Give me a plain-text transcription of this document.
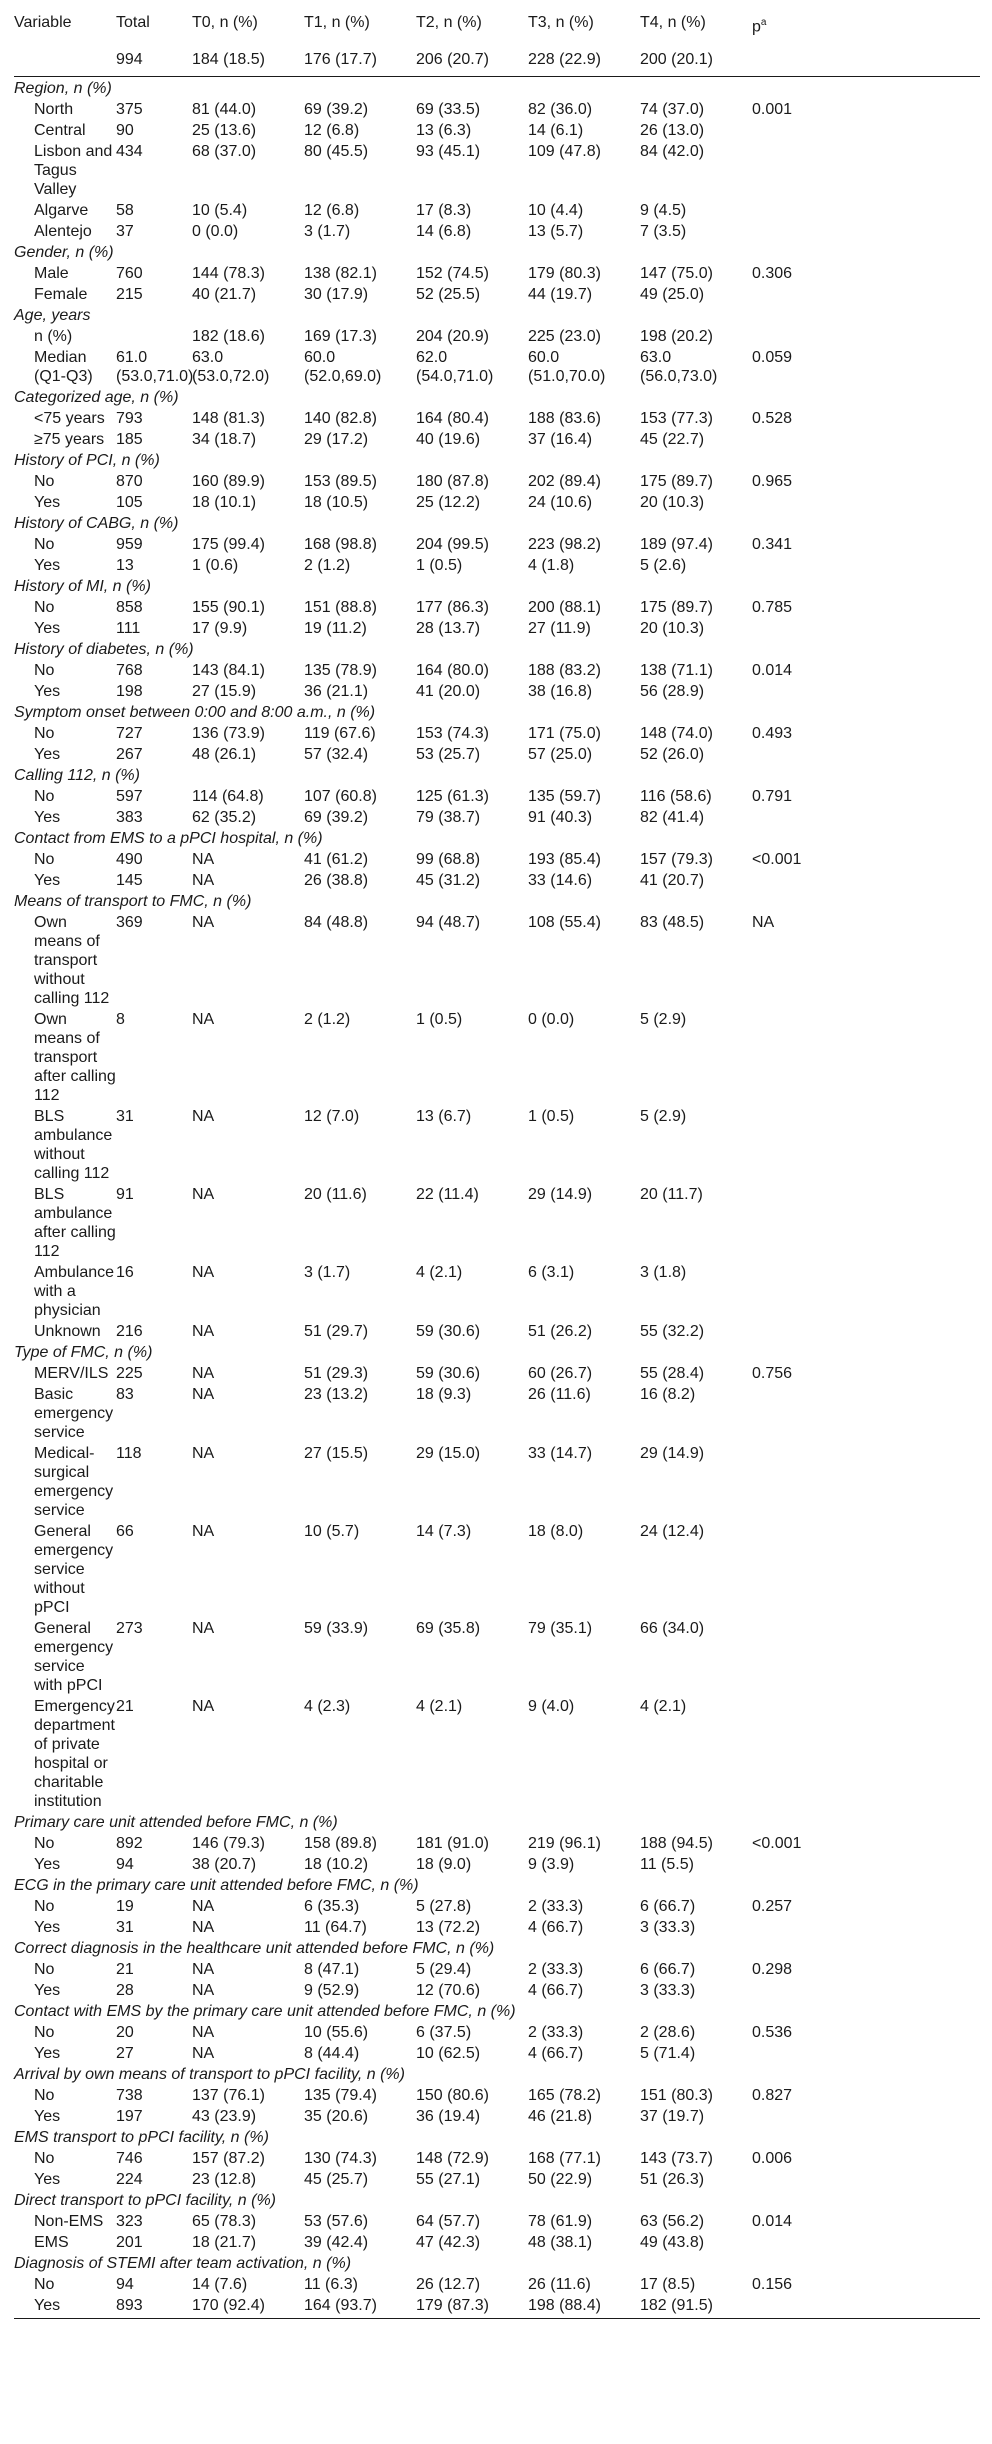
Variable	Total	T0, n (%)	T1, n (%)	T2, n (%)	T3, n (%)	T4, n (%)	$p^a$
	994	184 (18.5)	176 (17.7)	206 (20.7)	228 (22.9)	200 (20.1)	
Region, n (%)							
North	375	81 (44.0)	69 (39.2)	69 (33.5)	82 (36.0)	74 (37.0)	0.001
Central	90	25 (13.6)	12 (6.8)	13 (6.3)	14 (6.1)	26 (13.0)	
Lisbon and Tagus Valley	434	68 (37.0)	80 (45.5)	93 (45.1)	109 (47.8)	84 (42.0)	
Algarve	58	10 (5.4)	12 (6.8)	17 (8.3)	10 (4.4)	9 (4.5)	
Alentejo	37	0 (0.0)	3 (1.7)	14 (6.8)	13 (5.7)	7 (3.5)	
Gender, n (%)							
Male	760	144 (78.3)	138 (82.1)	152 (74.5)	179 (80.3)	147 (75.0)	0.306
Female	215	40 (21.7)	30 (17.9)	52 (25.5)	44 (19.7)	49 (25.0)	
Age, years							
n (%)		182 (18.6)	169 (17.3)	204 (20.9)	225 (23.0)	198 (20.2)	
Median (Q1-Q3)	61.0 (53.0,71.0)	63.0 (53.0,72.0)	60.0 (52.0,69.0)	62.0 (54.0,71.0)	60.0 (51.0,70.0)	63.0 (56.0,73.0)	0.059
Categorized age, n (%)							
<75 years	793	148 (81.3)	140 (82.8)	164 (80.4)	188 (83.6)	153 (77.3)	0.528
≥75 years	185	34 (18.7)	29 (17.2)	40 (19.6)	37 (16.4)	45 (22.7)	
History of PCI, n (%)							
No	870	160 (89.9)	153 (89.5)	180 (87.8)	202 (89.4)	175 (89.7)	0.965
Yes	105	18 (10.1)	18 (10.5)	25 (12.2)	24 (10.6)	20 (10.3)	
History of CABG, n (%)							
No	959	175 (99.4)	168 (98.8)	204 (99.5)	223 (98.2)	189 (97.4)	0.341
Yes	13	1 (0.6)	2 (1.2)	1 (0.5)	4 (1.8)	5 (2.6)	
History of MI, n (%)							
No	858	155 (90.1)	151 (88.8)	177 (86.3)	200 (88.1)	175 (89.7)	0.785
Yes	111	17 (9.9)	19 (11.2)	28 (13.7)	27 (11.9)	20 (10.3)	
History of diabetes, n (%)							
No	768	143 (84.1)	135 (78.9)	164 (80.0)	188 (83.2)	138 (71.1)	0.014
Yes	198	27 (15.9)	36 (21.1)	41 (20.0)	38 (16.8)	56 (28.9)	
Symptom onset between 0:00 and 8:00 a.m., n (%)							
No	727	136 (73.9)	119 (67.6)	153 (74.3)	171 (75.0)	148 (74.0)	0.493
Yes	267	48 (26.1)	57 (32.4)	53 (25.7)	57 (25.0)	52 (26.0)	
Calling 112, n (%)							
No	597	114 (64.8)	107 (60.8)	125 (61.3)	135 (59.7)	116 (58.6)	0.791
Yes	383	62 (35.2)	69 (39.2)	79 (38.7)	91 (40.3)	82 (41.4)	
Contact from EMS to a pPCI hospital, n (%)							
No	490	NA	41 (61.2)	99 (68.8)	193 (85.4)	157 (79.3)	<0.001
Yes	145	NA	26 (38.8)	45 (31.2)	33 (14.6)	41 (20.7)	
Means of transport to FMC, n (%)							
Own means of transport without calling 112	369	NA	84 (48.8)	94 (48.7)	108 (55.4)	83 (48.5)	NA
Own means of transport after calling 112	8	NA	2 (1.2)	1 (0.5)	0 (0.0)	5 (2.9)	
BLS ambulance without calling 112	31	NA	12 (7.0)	13 (6.7)	1 (0.5)	5 (2.9)	
BLS ambulance after calling 112	91	NA	20 (11.6)	22 (11.4)	29 (14.9)	20 (11.7)	
Ambulance with a physician	16	NA	3 (1.7)	4 (2.1)	6 (3.1)	3 (1.8)	
Unknown	216	NA	51 (29.7)	59 (30.6)	51 (26.2)	55 (32.2)	
Type of FMC, n (%)							
MERV/ILS	225	NA	51 (29.3)	59 (30.6)	60 (26.7)	55 (28.4)	0.756
Basic emergency service	83	NA	23 (13.2)	18 (9.3)	26 (11.6)	16 (8.2)	
Medical-surgical emergency service	118	NA	27 (15.5)	29 (15.0)	33 (14.7)	29 (14.9)	
General emergency service without pPCI	66	NA	10 (5.7)	14 (7.3)	18 (8.0)	24 (12.4)	
General emergency service with pPCI	273	NA	59 (33.9)	69 (35.8)	79 (35.1)	66 (34.0)	
Emergency department of private hospital or charitable institution	21	NA	4 (2.3)	4 (2.1)	9 (4.0)	4 (2.1)	
Primary care unit attended before FMC, n (%)							
No	892	146 (79.3)	158 (89.8)	181 (91.0)	219 (96.1)	188 (94.5)	<0.001
Yes	94	38 (20.7)	18 (10.2)	18 (9.0)	9 (3.9)	11 (5.5)	
ECG in the primary care unit attended before FMC, n (%)							
No	19	NA	6 (35.3)	5 (27.8)	2 (33.3)	6 (66.7)	0.257
Yes	31	NA	11 (64.7)	13 (72.2)	4 (66.7)	3 (33.3)	
Correct diagnosis in the healthcare unit attended before FMC, n (%)							
No	21	NA	8 (47.1)	5 (29.4)	2 (33.3)	6 (66.7)	0.298
Yes	28	NA	9 (52.9)	12 (70.6)	4 (66.7)	3 (33.3)	
Contact with EMS by the primary care unit attended before FMC, n (%)							
No	20	NA	10 (55.6)	6 (37.5)	2 (33.3)	2 (28.6)	0.536
Yes	27	NA	8 (44.4)	10 (62.5)	4 (66.7)	5 (71.4)	
Arrival by own means of transport to pPCI facility, n (%)							
No	738	137 (76.1)	135 (79.4)	150 (80.6)	165 (78.2)	151 (80.3)	0.827
Yes	197	43 (23.9)	35 (20.6)	36 (19.4)	46 (21.8)	37 (19.7)	
EMS transport to pPCI facility, n (%)							
No	746	157 (87.2)	130 (74.3)	148 (72.9)	168 (77.1)	143 (73.7)	0.006
Yes	224	23 (12.8)	45 (25.7)	55 (27.1)	50 (22.9)	51 (26.3)	
Direct transport to pPCI facility, n (%)							
Non-EMS	323	65 (78.3)	53 (57.6)	64 (57.7)	78 (61.9)	63 (56.2)	0.014
EMS	201	18 (21.7)	39 (42.4)	47 (42.3)	48 (38.1)	49 (43.8)	
Diagnosis of STEMI after team activation, n (%)							
No	94	14 (7.6)	11 (6.3)	26 (12.7)	26 (11.6)	17 (8.5)	0.156
Yes	893	170 (92.4)	164 (93.7)	179 (87.3)	198 (88.4)	182 (91.5)	
